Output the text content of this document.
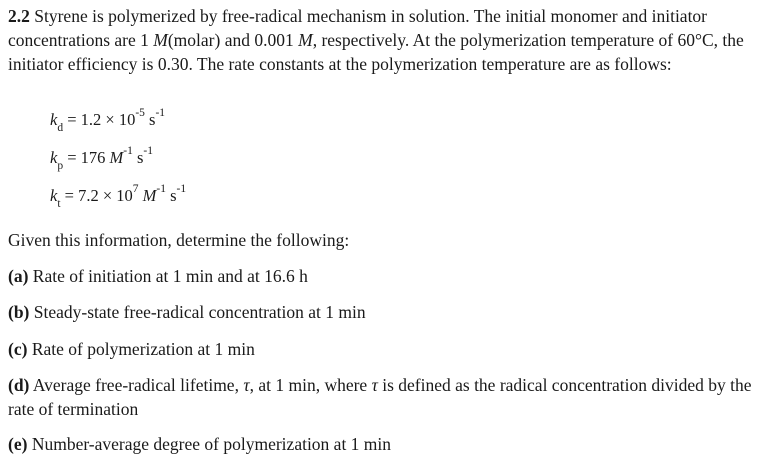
2.2 Styrene is polymerized by free-radical mechanism in solution. The initial monomer and initiator concentrations are 1 M(molar) and 0.001 M, respectively. At the polymerization temperature of 60°C, the initiator efficiency is 0.30. The rate constants at the polymerization temperature are as follows:
$k_d = 1.2 \times 10^{-5}$ $s^{-1}$
$k_p = 176$ $M^{-1}$ $s^{-1}$
$k_t = 7.2 \times 10^7$ $M^{-1}$ $s^{-1}$
Given this information, determine the following:
(a) Rate of initiation at 1 min and at 16.6 h
(b) Steady-state free-radical concentration at 1 min
(c) Rate of polymerization at 1 min
(d) Average free-radical lifetime, τ, at 1 min, where τ is defined as the radical concentration divided by the rate of termination
(e) Number-average degree of polymerization at 1 min
